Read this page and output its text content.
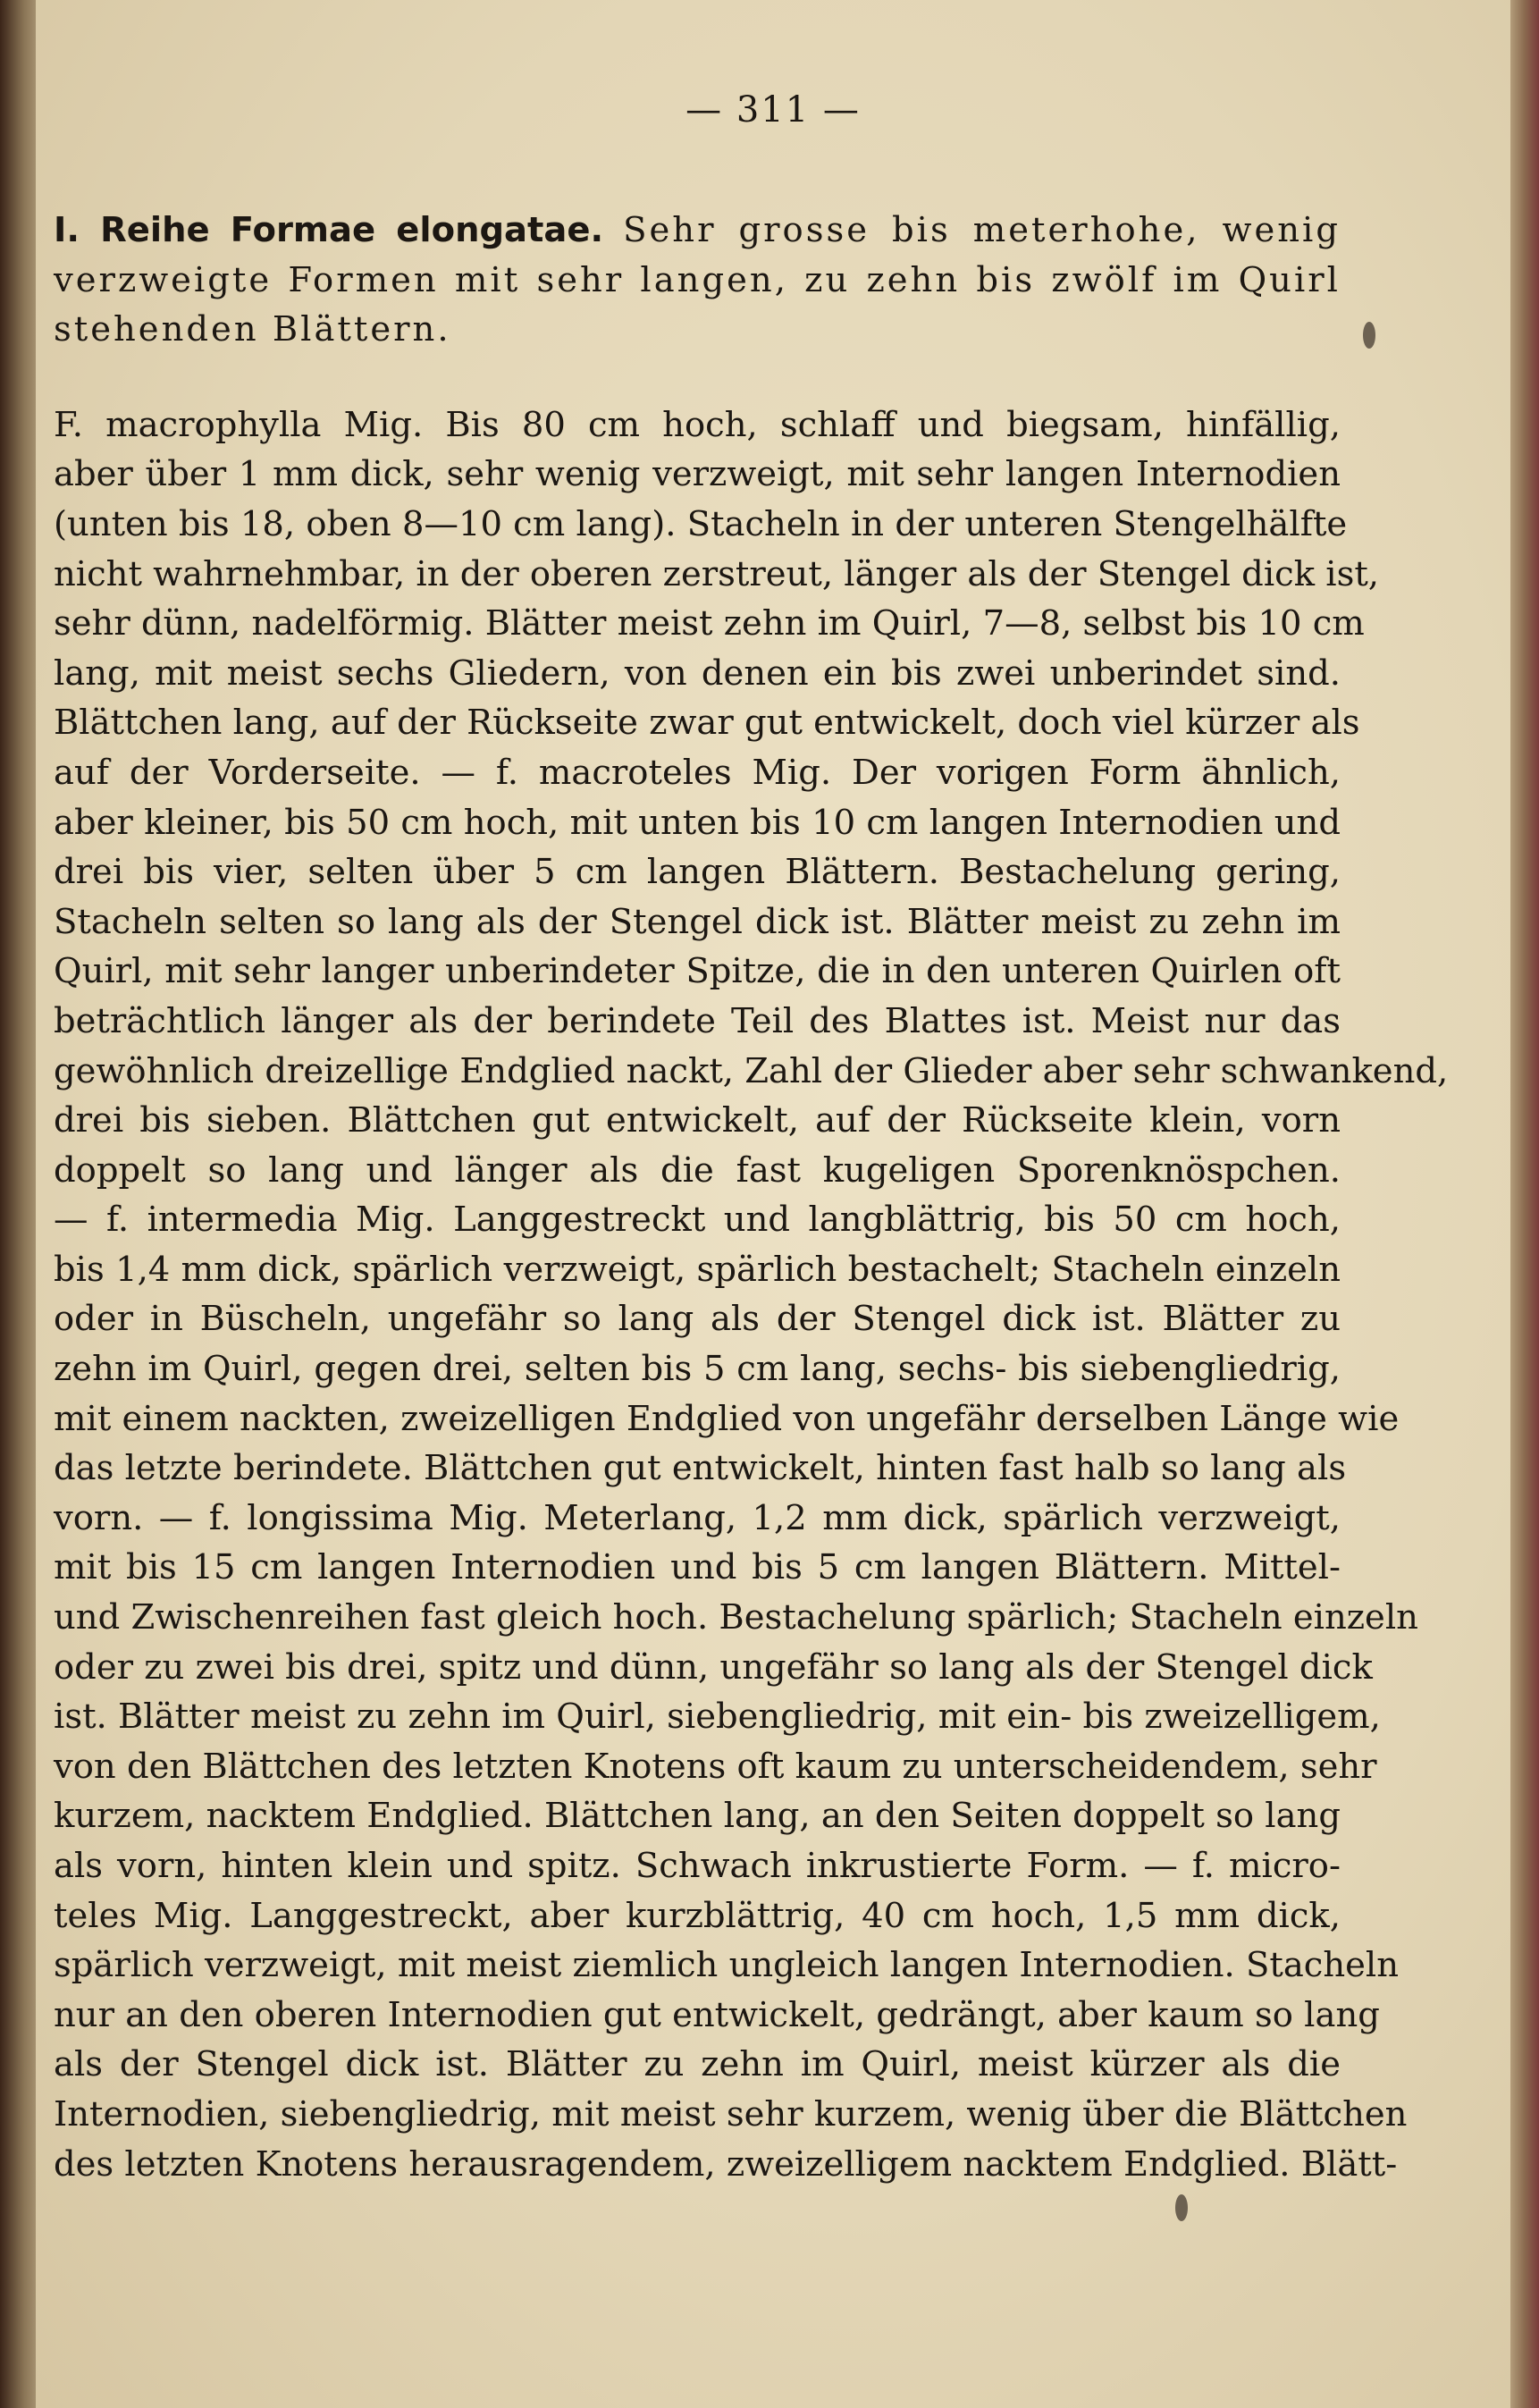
— 311 —
I. Reihe Formae elongatae. Sehr grosse bis meterhohe, wenig
verzweigte Formen mit sehr langen, zu zehn bis zwölf im Quirl
stehenden Blättern.
F. macrophylla Mig. Bis 80 cm hoch, schlaff und biegsam, hinfällig,
aber über 1 mm dick, sehr wenig verzweigt, mit sehr langen Internodien
(unten bis 18, oben 8—10 cm lang). Stacheln in der unteren Stengelhälfte
nicht wahrnehmbar, in der oberen zerstreut, länger als der Stengel dick ist,
sehr dünn, nadelförmig. Blätter meist zehn im Quirl, 7—8, selbst bis 10 cm
lang, mit meist sechs Gliedern, von denen ein bis zwei unberindet sind.
Blättchen lang, auf der Rückseite zwar gut entwickelt, doch viel kürzer als
auf der Vorderseite. — f. macroteles Mig. Der vorigen Form ähnlich,
aber kleiner, bis 50 cm hoch, mit unten bis 10 cm langen Internodien und
drei bis vier, selten über 5 cm langen Blättern. Bestachelung gering,
Stacheln selten so lang als der Stengel dick ist. Blätter meist zu zehn im
Quirl, mit sehr langer unberindeter Spitze, die in den unteren Quirlen oft
beträchtlich länger als der berindete Teil des Blattes ist. Meist nur das
gewöhnlich dreizellige Endglied nackt, Zahl der Glieder aber sehr schwankend,
drei bis sieben. Blättchen gut entwickelt, auf der Rückseite klein, vorn
doppelt so lang und länger als die fast kugeligen Sporenknöspchen.
— f. intermedia Mig. Langgestreckt und langblättrig, bis 50 cm hoch,
bis 1,4 mm dick, spärlich verzweigt, spärlich bestachelt; Stacheln einzeln
oder in Büscheln, ungefähr so lang als der Stengel dick ist. Blätter zu
zehn im Quirl, gegen drei, selten bis 5 cm lang, sechs- bis siebengliedrig,
mit einem nackten, zweizelligen Endglied von ungefähr derselben Länge wie
das letzte berindete. Blättchen gut entwickelt, hinten fast halb so lang als
vorn. — f. longissima Mig. Meterlang, 1,2 mm dick, spärlich verzweigt,
mit bis 15 cm langen Internodien und bis 5 cm langen Blättern. Mittel-
und Zwischenreihen fast gleich hoch. Bestachelung spärlich; Stacheln einzeln
oder zu zwei bis drei, spitz und dünn, ungefähr so lang als der Stengel dick
ist. Blätter meist zu zehn im Quirl, siebengliedrig, mit ein- bis zweizelligem,
von den Blättchen des letzten Knotens oft kaum zu unterscheidendem, sehr
kurzem, nacktem Endglied. Blättchen lang, an den Seiten doppelt so lang
als vorn, hinten klein und spitz. Schwach inkrustierte Form. — f. micro-
teles Mig. Langgestreckt, aber kurzblättrig, 40 cm hoch, 1,5 mm dick,
spärlich verzweigt, mit meist ziemlich ungleich langen Internodien. Stacheln
nur an den oberen Internodien gut entwickelt, gedrängt, aber kaum so lang
als der Stengel dick ist. Blätter zu zehn im Quirl, meist kürzer als die
Internodien, siebengliedrig, mit meist sehr kurzem, wenig über die Blättchen
des letzten Knotens herausragendem, zweizelligem nacktem Endglied. Blätt-
